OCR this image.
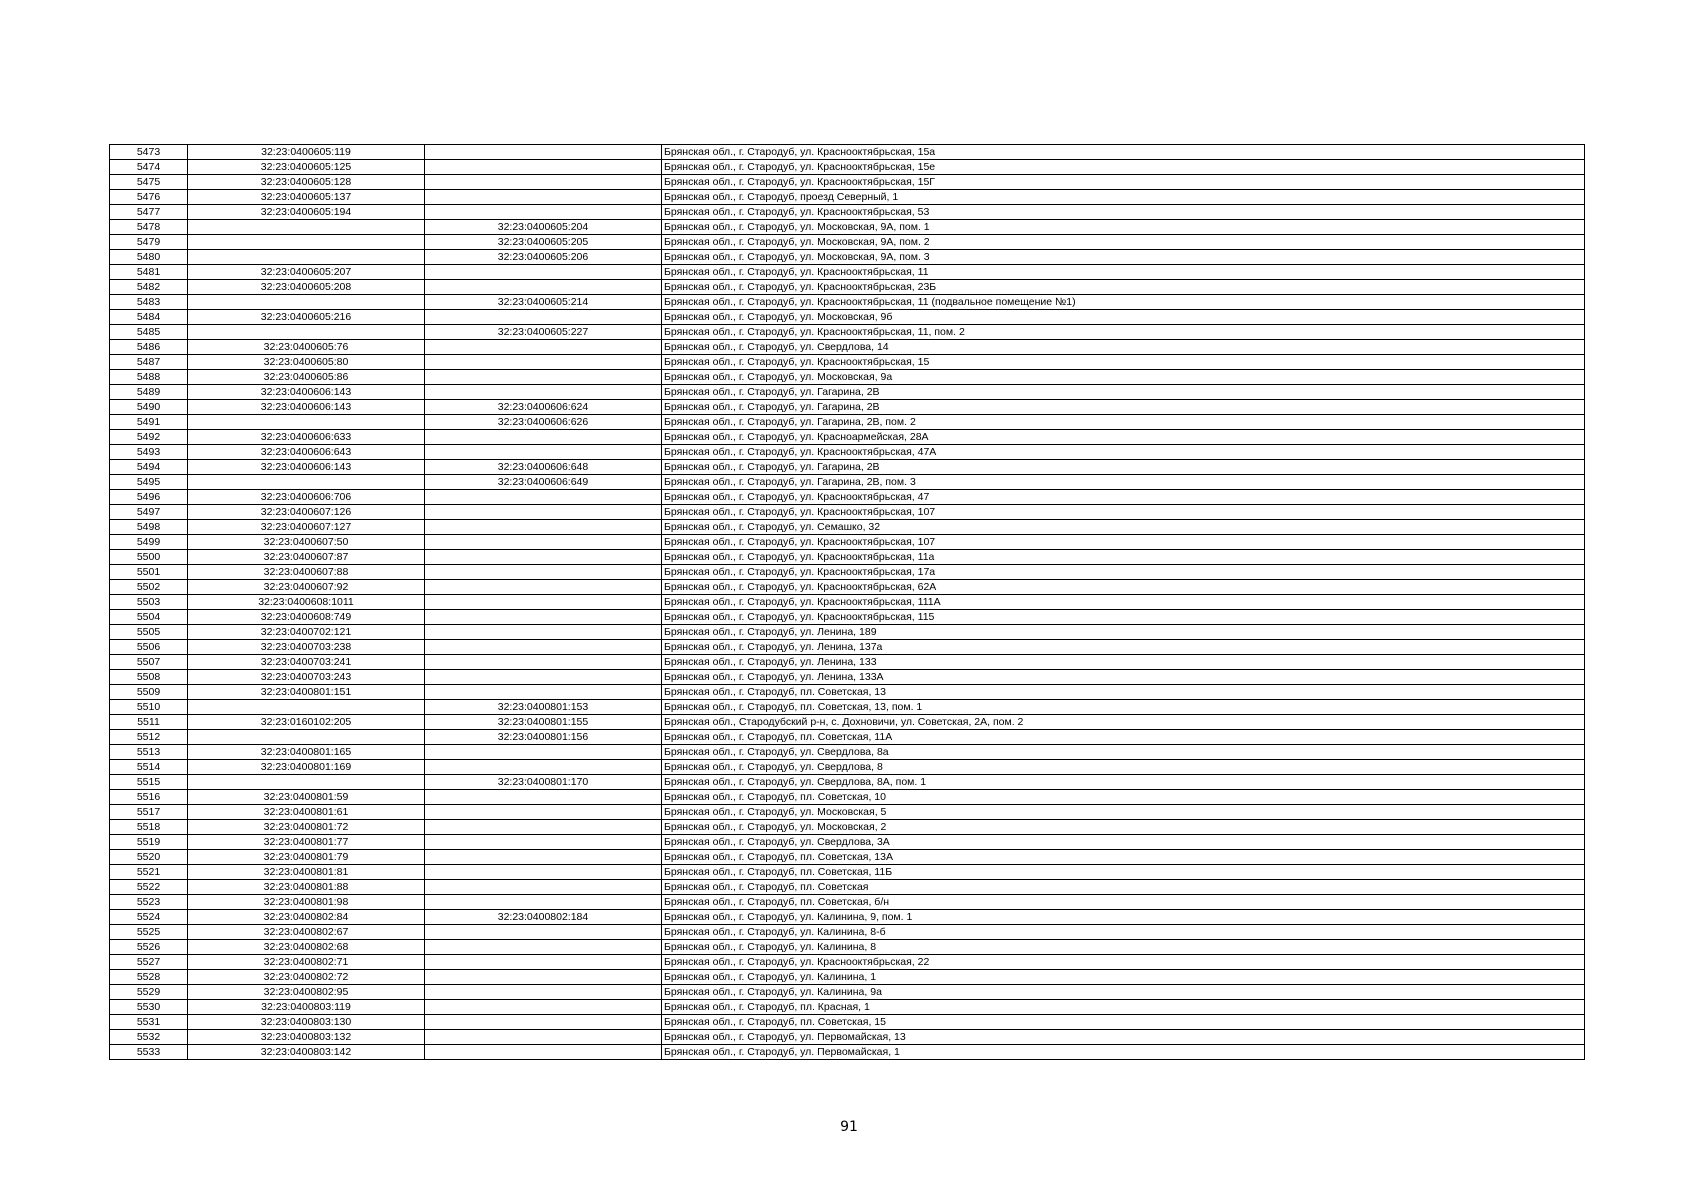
5473	32:23:0400605:119		Брянская обл., г. Стародуб, ул. Краснооктябрьская, 15а
5474	32:23:0400605:125		Брянская обл., г. Стародуб, ул. Краснооктябрьская, 15е
5475	32:23:0400605:128		Брянская обл., г. Стародуб, ул. Краснооктябрьская, 15Г
5476	32:23:0400605:137		Брянская обл., г. Стародуб, проезд Северный, 1
5477	32:23:0400605:194		Брянская обл., г. Стародуб, ул. Краснооктябрьская, 53
5478		32:23:0400605:204	Брянская обл., г. Стародуб, ул. Московская, 9А, пом. 1
5479		32:23:0400605:205	Брянская обл., г. Стародуб, ул. Московская, 9А, пом. 2
5480		32:23:0400605:206	Брянская обл., г. Стародуб, ул. Московская, 9А, пом. 3
5481	32:23:0400605:207		Брянская обл., г. Стародуб, ул. Краснооктябрьская, 11
5482	32:23:0400605:208		Брянская обл., г. Стародуб, ул. Краснооктябрьская, 23Б
5483		32:23:0400605:214	Брянская обл., г. Стародуб, ул. Краснооктябрьская, 11 (подвальное помещение №1)
5484	32:23:0400605:216		Брянская обл., г. Стародуб, ул. Московская, 9б
5485		32:23:0400605:227	Брянская обл., г. Стародуб, ул. Краснооктябрьская, 11, пом. 2
5486	32:23:0400605:76		Брянская обл., г. Стародуб, ул. Свердлова, 14
5487	32:23:0400605:80		Брянская обл., г. Стародуб, ул. Краснооктябрьская, 15
5488	32:23:0400605:86		Брянская обл., г. Стародуб, ул. Московская, 9а
5489	32:23:0400606:143		Брянская обл., г. Стародуб, ул. Гагарина, 2В
5490	32:23:0400606:143	32:23:0400606:624	Брянская обл., г. Стародуб, ул. Гагарина, 2В
5491		32:23:0400606:626	Брянская обл., г. Стародуб, ул. Гагарина, 2В, пом. 2
5492	32:23:0400606:633		Брянская обл., г. Стародуб, ул. Красноармейская, 28А
5493	32:23:0400606:643		Брянская обл., г. Стародуб, ул. Краснооктябрьская, 47А
5494	32:23:0400606:143	32:23:0400606:648	Брянская обл., г. Стародуб, ул. Гагарина, 2В
5495		32:23:0400606:649	Брянская обл., г. Стародуб, ул. Гагарина, 2В, пом. 3
5496	32:23:0400606:706		Брянская обл., г. Стародуб, ул. Краснооктябрьская, 47
5497	32:23:0400607:126		Брянская обл., г. Стародуб, ул. Краснооктябрьская, 107
5498	32:23:0400607:127		Брянская обл., г. Стародуб, ул. Семашко, 32
5499	32:23:0400607:50		Брянская обл., г. Стародуб, ул. Краснооктябрьская, 107
5500	32:23:0400607:87		Брянская обл., г. Стародуб, ул. Краснооктябрьская, 11а
5501	32:23:0400607:88		Брянская обл., г. Стародуб, ул. Краснооктябрьская, 17а
5502	32:23:0400607:92		Брянская обл., г. Стародуб, ул. Краснооктябрьская, 62А
5503	32:23:0400608:1011		Брянская обл., г. Стародуб, ул. Краснооктябрьская, 111А
5504	32:23:0400608:749		Брянская обл., г. Стародуб, ул. Краснооктябрьская, 115
5505	32:23:0400702:121		Брянская обл., г. Стародуб, ул. Ленина, 189
5506	32:23:0400703:238		Брянская обл., г. Стародуб, ул. Ленина, 137а
5507	32:23:0400703:241		Брянская обл., г. Стародуб, ул. Ленина, 133
5508	32:23:0400703:243		Брянская обл., г. Стародуб, ул. Ленина, 133А
5509	32:23:0400801:151		Брянская обл., г. Стародуб, пл. Советская, 13
5510		32:23:0400801:153	Брянская обл., г. Стародуб, пл. Советская, 13, пом. 1
5511	32:23:0160102:205	32:23:0400801:155	Брянская обл., Стародубский р-н, с. Дохновичи, ул. Советская, 2А, пом. 2
5512		32:23:0400801:156	Брянская обл., г. Стародуб, пл. Советская, 11А
5513	32:23:0400801:165		Брянская обл., г. Стародуб, ул. Свердлова, 8а
5514	32:23:0400801:169		Брянская обл., г. Стародуб, ул. Свердлова, 8
5515		32:23:0400801:170	Брянская обл., г. Стародуб, ул. Свердлова, 8А, пом. 1
5516	32:23:0400801:59		Брянская обл., г. Стародуб, пл. Советская, 10
5517	32:23:0400801:61		Брянская обл., г. Стародуб, ул. Московская, 5
5518	32:23:0400801:72		Брянская обл., г. Стародуб, ул. Московская, 2
5519	32:23:0400801:77		Брянская обл., г. Стародуб, ул. Свердлова, 3А
5520	32:23:0400801:79		Брянская обл., г. Стародуб, пл. Советская, 13А
5521	32:23:0400801:81		Брянская обл., г. Стародуб, пл. Советская, 11Б
5522	32:23:0400801:88		Брянская обл., г. Стародуб, пл. Советская
5523	32:23:0400801:98		Брянская обл., г. Стародуб, пл. Советская, б/н
5524	32:23:0400802:84	32:23:0400802:184	Брянская обл., г. Стародуб, ул. Калинина, 9, пом. 1
5525	32:23:0400802:67		Брянская обл., г. Стародуб, ул. Калинина, 8-б
5526	32:23:0400802:68		Брянская обл., г. Стародуб, ул. Калинина, 8
5527	32:23:0400802:71		Брянская обл., г. Стародуб, ул. Краснооктябрьская, 22
5528	32:23:0400802:72		Брянская обл., г. Стародуб, ул. Калинина, 1
5529	32:23:0400802:95		Брянская обл., г. Стародуб, ул. Калинина, 9а
5530	32:23:0400803:119		Брянская обл., г. Стародуб, пл. Красная, 1
5531	32:23:0400803:130		Брянская обл., г. Стародуб, пл. Советская, 15
5532	32:23:0400803:132		Брянская обл., г. Стародуб, ул. Первомайская, 13
5533	32:23:0400803:142		Брянская обл., г. Стародуб, ул. Первомайская, 1
91
